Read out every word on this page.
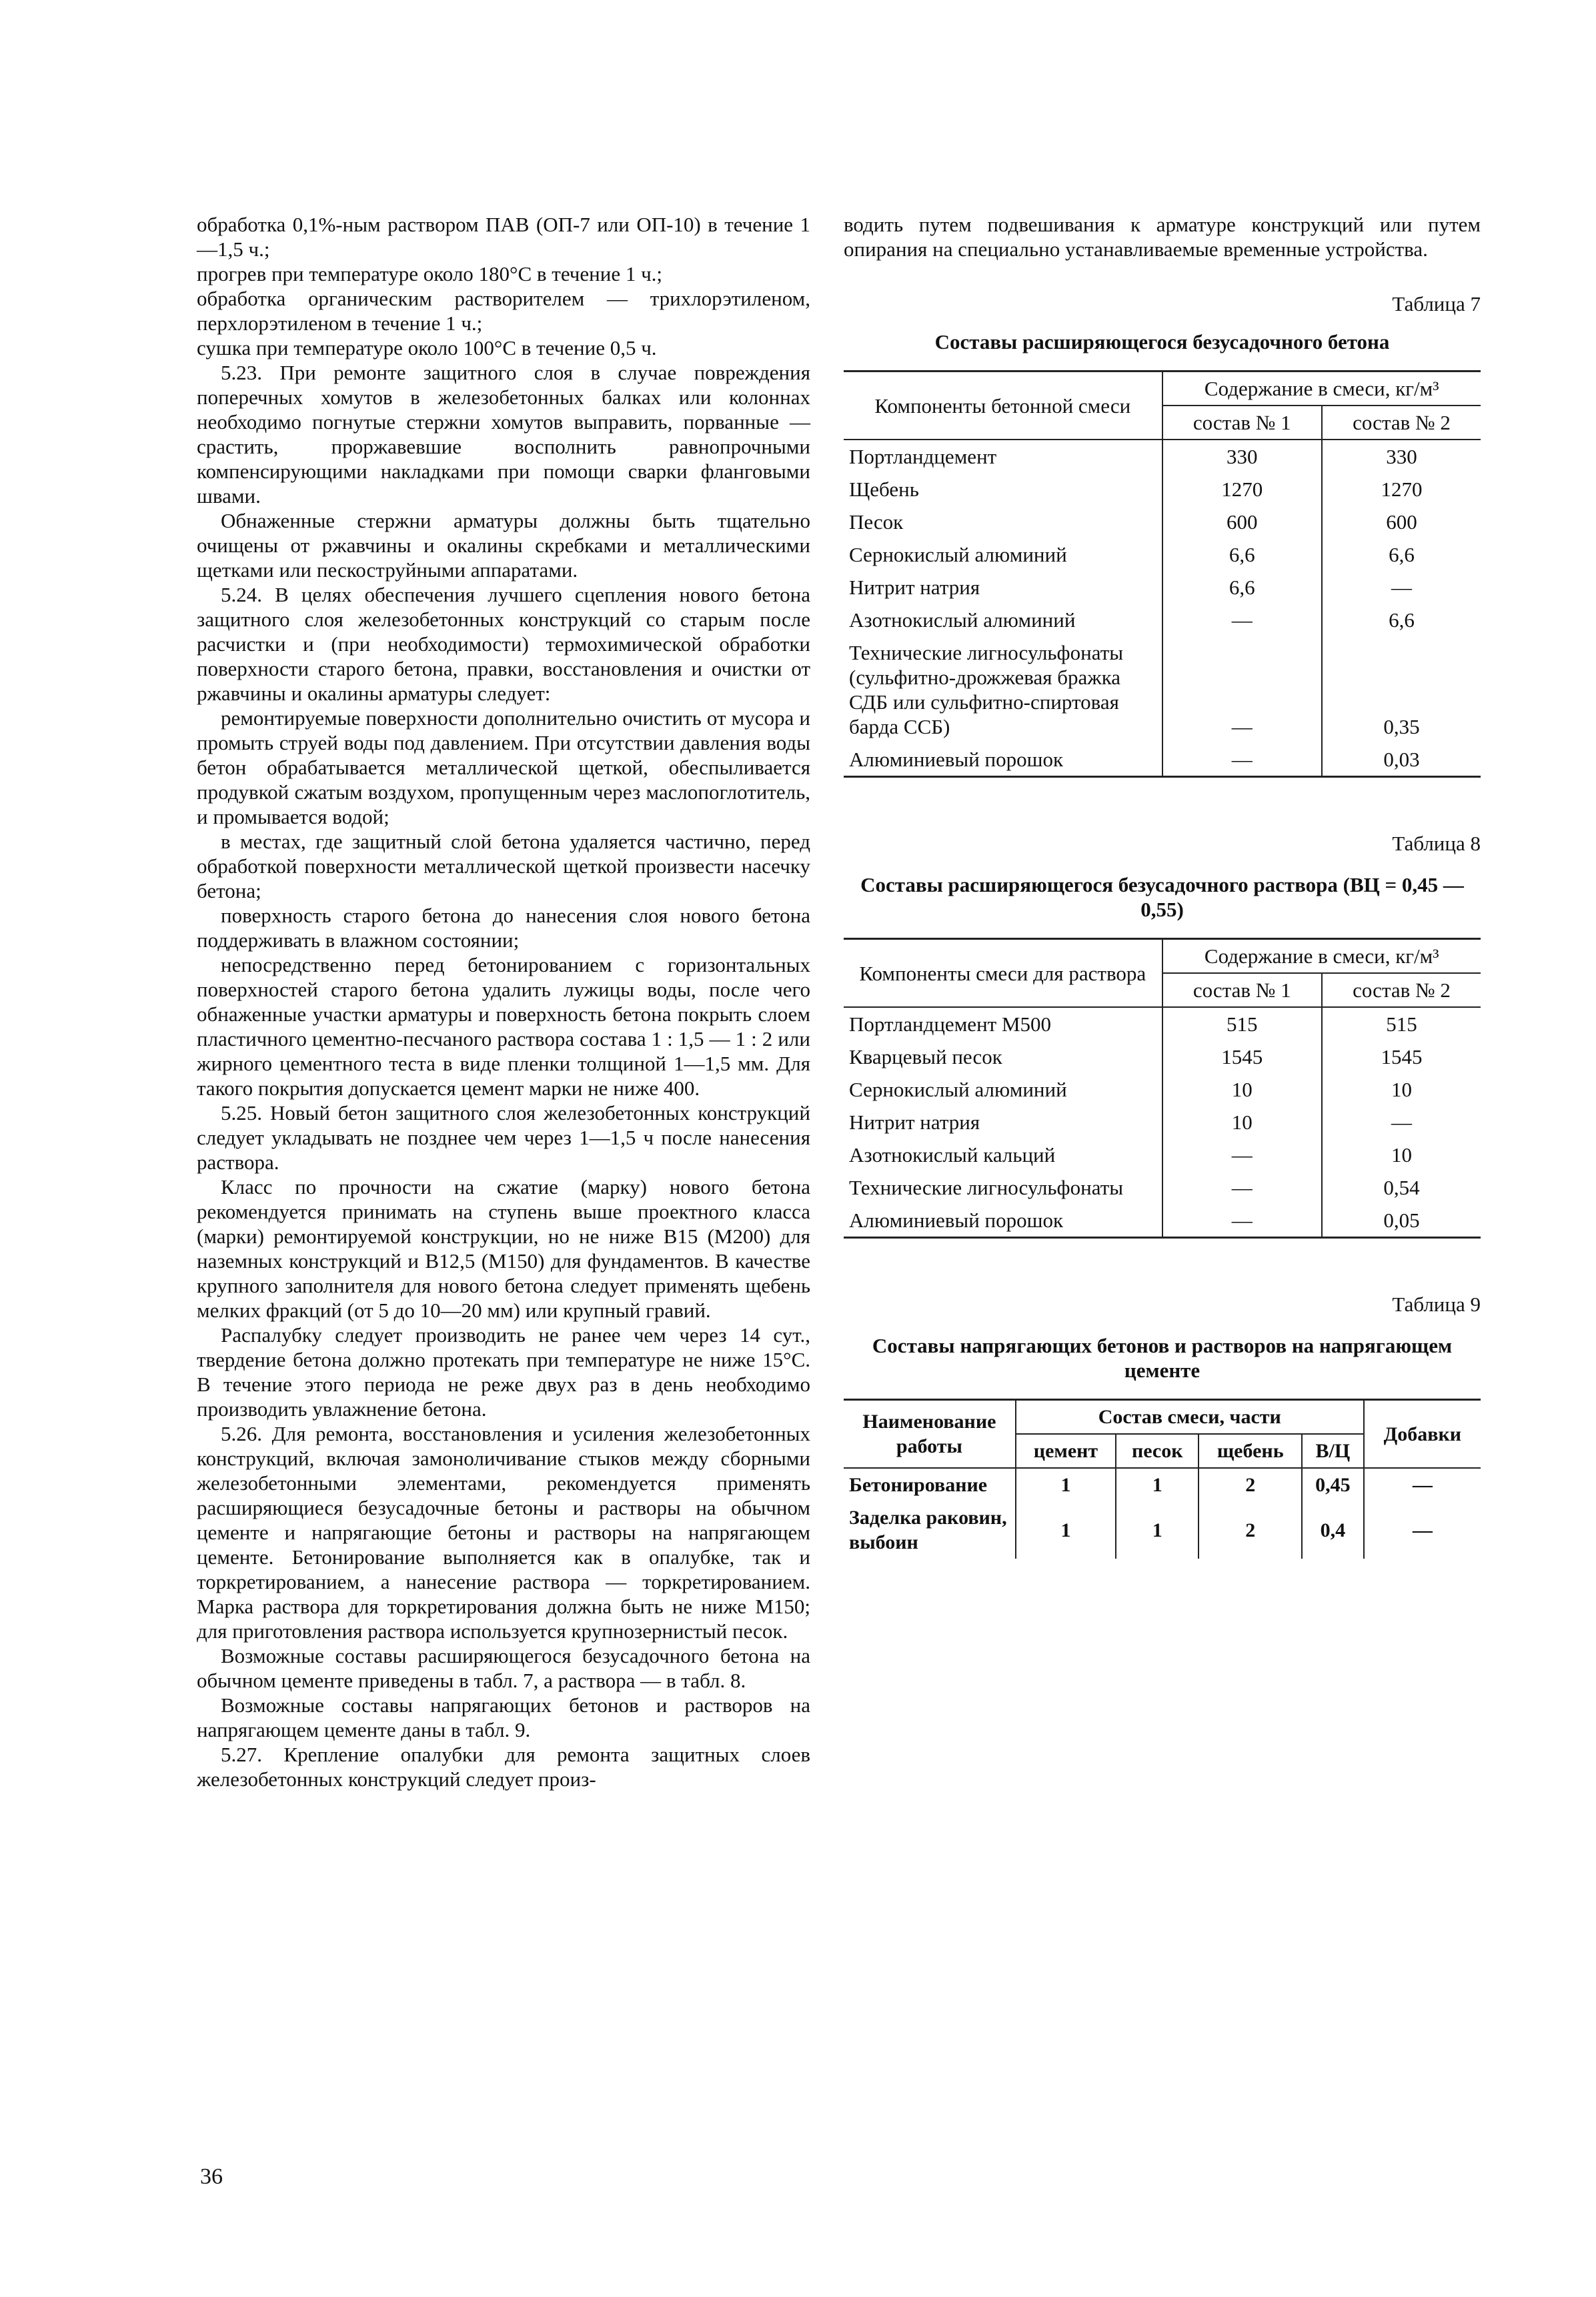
обработка 0,1%-ным раствором ПАВ (ОП-7 или ОП-10) в течение 1—1,5 ч.;

прогрев при температуре около 180°С в течение 1 ч.;

обработка органическим растворителем — трихлорэтиленом, перхлорэтиленом в течение 1 ч.;

сушка при температуре около 100°С в течение 0,5 ч.

5.23. При ремонте защитного слоя в случае повреждения поперечных хомутов в железобетонных балках или колоннах необходимо погнутые стержни хомутов выправить, порванные — срастить, проржавевшие восполнить равнопрочными компенсирующими накладками при помощи сварки фланговыми швами.

Обнаженные стержни арматуры должны быть тщательно очищены от ржавчины и окалины скребками и металлическими щетками или пескоструйными аппаратами.

5.24. В целях обеспечения лучшего сцепления нового бетона защитного слоя железобетонных конструкций со старым после расчистки и (при необходимости) термохимической обработки поверхности старого бетона, правки, восстановления и очистки от ржавчины и окалины арматуры следует:

ремонтируемые поверхности дополнительно очистить от мусора и промыть струей воды под давлением. При отсутствии давления воды бетон обрабатывается металлической щеткой, обеспыливается продувкой сжатым воздухом, пропущенным через маслопоглотитель, и промывается водой;

в местах, где защитный слой бетона удаляется частично, перед обработкой поверхности металлической щеткой произвести насечку бетона;

поверхность старого бетона до нанесения слоя нового бетона поддерживать в влажном состоянии;

непосредственно перед бетонированием с горизонтальных поверхностей старого бетона удалить лужицы воды, после чего обнаженные участки арматуры и поверхность бетона покрыть слоем пластичного цементно-песчаного раствора состава 1 : 1,5 — 1 : 2 или жирного цементного теста в виде пленки толщиной 1—1,5 мм. Для такого покрытия допускается цемент марки не ниже 400.

5.25. Новый бетон защитного слоя железобетонных конструкций следует укладывать не позднее чем через 1—1,5 ч после нанесения раствора.

Класс по прочности на сжатие (марку) нового бетона рекомендуется принимать на ступень выше проектного класса (марки) ремонтируемой конструкции, но не ниже В15 (М200) для наземных конструкций и В12,5 (М150) для фундаментов. В качестве крупного заполнителя для нового бетона следует применять щебень мелких фракций (от 5 до 10—20 мм) или крупный гравий.

Распалубку следует производить не ранее чем через 14 сут., твердение бетона должно протекать при температуре не ниже 15°С. В течение этого периода не реже двух раз в день необходимо производить увлажнение бетона.

5.26. Для ремонта, восстановления и усиления железобетонных конструкций, включая замоноличивание стыков между сборными железобетонными элементами, рекомендуется применять расширяющиеся безусадочные бетоны и растворы на обычном цементе и напрягающие бетоны и растворы на напрягающем цементе. Бетонирование выполняется как в опалубке, так и торкретированием, а нанесение раствора — торкретированием. Марка раствора для торкретирования должна быть не ниже М150; для приготовления раствора используется крупнозернистый песок.

Возможные составы расширяющегося безусадочного бетона на обычном цементе приведены в табл. 7, а раствора — в табл. 8.

Возможные составы напрягающих бетонов и растворов на напрягающем цементе даны в табл. 9.

5.27. Крепление опалубки для ремонта защитных слоев железобетонных конструкций следует произ-

36

водить путем подвешивания к арматуре конструкций или путем опирания на специально устанавливаемые временные устройства.

Таблица 7

Составы расширяющегося безусадочного бетона

Компоненты бетонной смеси	Содержание в смеси, кг/м³	
	состав № 1	состав № 2
Портландцемент	330	330
Щебень	1270	1270
Песок	600	600
Сернокислый алюминий	6,6	6,6
Нитрит натрия	6,6	—
Азотнокислый алюминий	—	6,6
Технические лигносульфонаты (сульфитно-дрожжевая бражка СДБ или сульфитно-спиртовая барда ССБ)	—	0,35
Алюминиевый порошок	—	0,03

Таблица 8

Составы расширяющегося безусадочного раствора (ВЦ = 0,45 — 0,55)

Компоненты смеси для раствора	Содержание в смеси, кг/м³	
	состав № 1	состав № 2
Портландцемент М500	515	515
Кварцевый песок	1545	1545
Сернокислый алюминий	10	10
Нитрит натрия	10	—
Азотнокислый кальций	—	10
Технические лигносульфонаты	—	0,54
Алюминиевый порошок	—	0,05

Таблица 9

Составы напрягающих бетонов и растворов на напрягающем цементе

Наименование работы	Состав смеси, части				Добавки
	цемент	песок	щебень	В/Ц	
Бетонирование	1	1	2	0,45	—
Заделка раковин, выбоин	1	1	2	0,4	—
